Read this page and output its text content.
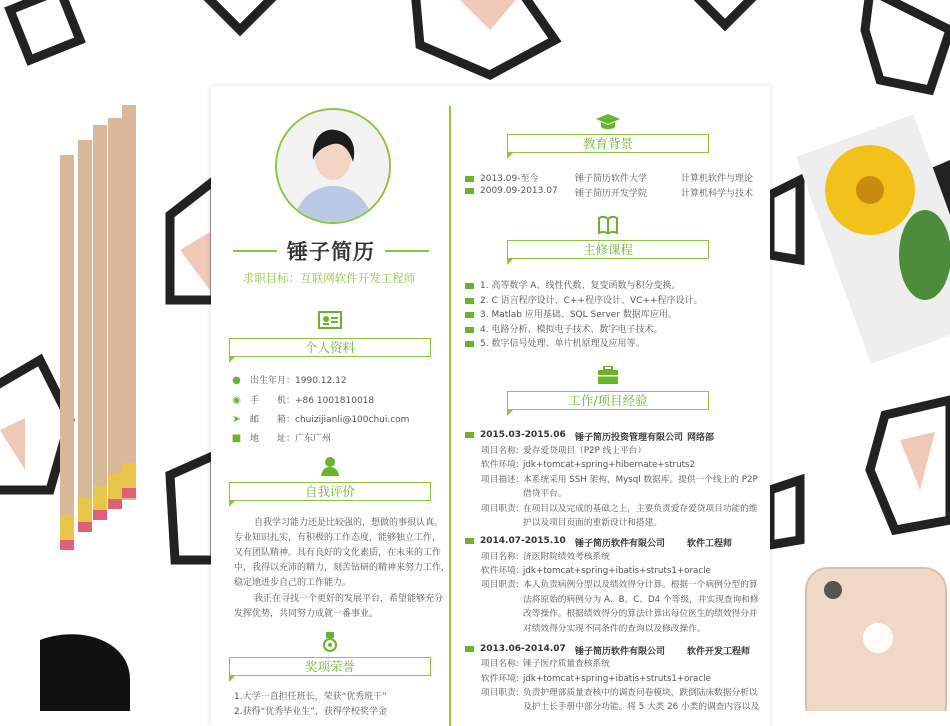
锤子简历
求职目标：互联网软件开发工程师
个人资料
● 出生年月：1990.12.12
◉ 手　　机：+86 1001810018
➤ 邮　　箱：chuizijianli@100chui.com
■ 地　　址：广东广州
自我评价
自我学习能力还是比较强的，想做的事很认真。
专业知识扎实，有积极的工作态度，能够独立工作，
又有团队精神。具有良好的文化素质，在未来的工作
中，我得以充沛的精力，刻苦钻研的精神来努力工作，
稳定地进步自己的工作能力。
我正在寻找一个更好的发展平台，希望能够充分
发挥优势，共同努力成就一番事业。
奖项荣誉
1.大学一直担任班长，荣获“优秀班干”
2.获得“优秀毕业生”，获得学校奖学金
教育背景
2013.09-至今	锤子简历软件大学	计算机软件与理论
2009.09-2013.07 锤子简历开发学院	计算机科学与技术
主修课程
1. 高等数学 A、线性代数、复变函数与积分变换。
2. C 语言程序设计、C++程序设计、VC++程序设计。
3. Matlab 应用基础、SQL Server 数据库应用。
4. 电路分析、模拟电子技术、数字电子技术。
5. 数字信号处理、单片机原理及应用等。
工作/项目经验
2015.03-2015.06 锤子简历投资管理有限公司 网络部
项目名称: 爱存爱贷项目（P2P 线上平台）
软件环境: jdk+tomcat+spring+hibernate+struts2
项目描述: 本系统采用 SSH 架构，Mysql 数据库。提供一个线上的 P2P
借贷平台。
项目职责: 在项目以及完成的基础之上，主要负责爱存爱贷项目功能的维
护以及项目页面的重新设计和搭建。
2014.07-2015.10 锤子简历软件有限公司 软件工程师
项目名称: 济医附院绩效考核系统
软件环境: jdk+tomcat+spring+ibatis+struts1+oracle
项目职责: 本人负责病例分型以及绩效得分计算。根据一个病例分型的算
法将原始的病例分为 A、B、C、D4 个等级，并实现查询和修
改等操作。根据绩效得分的算法计算出每位医生的绩效得分并
对绩效得分实现不同条件的查询以及修改操作。
2013.06-2014.07 锤子简历软件有限公司 软件开发工程师
项目名称: 锤子医疗质量查核系统
软件环境: jdk+tomcat+spring+ibatis+struts1+oracle
项目职责: 负责护理部质量查核中的调查问卷模块，跌倒陆床数据分析以
及护士长手册中部分功能。将 5 大类 26 小类的调查内容以及
